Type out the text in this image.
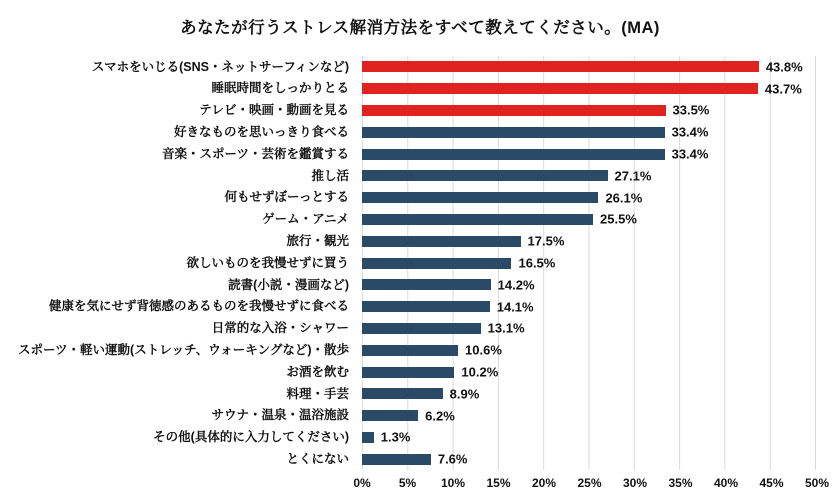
あなたが行うストレス解消方法をすべて教えてください。(MA)
スマホをいじる(SNS・ネットサーフィンなど)	43.8%
睡眠時間をしっかりとる	43.7%
テレビ・映画・動画を見る	33.5%
好きなものを思いっきり食べる	33.4%
音楽・スポーツ・芸術を鑑賞する	33.4%
推し活	27.1%
何もせずぼーっとする	26.1%
ゲーム・アニメ	25.5%
旅行・観光	17.5%
欲しいものを我慢せずに買う	16.5%
読書(小説・漫画など)	14.2%
健康を気にせず背徳感のあるものを我慢せずに食べる	14.1%
日常的な入浴・シャワー	13.1%
スポーツ・軽い運動(ストレッチ、ウォーキングなど)・散歩	10.6%
お酒を飲む	10.2%
料理・手芸	8.9%
サウナ・温泉・温浴施設	6.2%
その他(具体的に入力してください)	1.3%
とくにない	7.6%
0% 5% 10% 15% 20% 25% 30% 35% 40% 45% 50%
